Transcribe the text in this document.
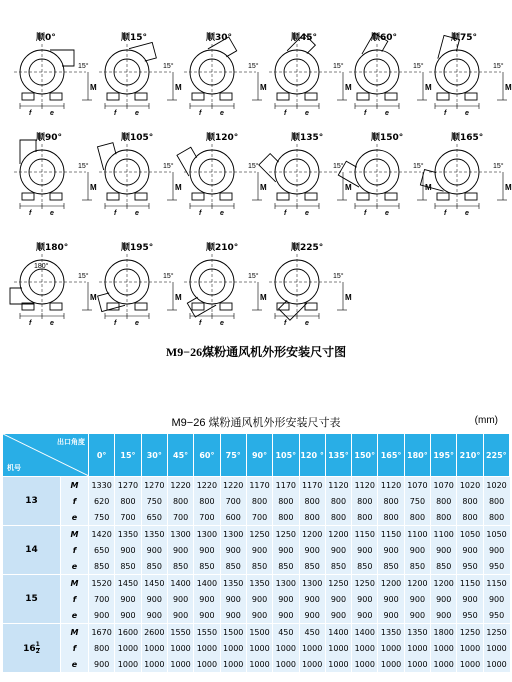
顺0°
M
15°
f	e
顺15°
M
15°
f	e
顺30°
M
15°
f	e
顺45°
M
15°
f	e
顺60°
M
15°
f	e
顺75°
M
15°
f	e
顺90°
M
15°
f	e
顺105°
M
15°
f	e
顺120°
M
15°
f	e
顺135°
M
15°
f	e
顺150°
M
15°
f	e
顺165°
M
15°
f	e
顺180°
M
15°
f	e
180°
顺195°
M
15°
f	e
顺210°
M
15°
f	e
顺225°
M
15°
f	e
M9−26煤粉通风机外形安装尺寸图
M9−26 煤粉通风机外形安装尺寸表	(mm)
出口角度
机号		0°	15°	30°	45°	60°	75°	90°	105°	120 °	135°	150°	165°	180°	195°	210°	225°
13	M	1330	1270	1270	1220	1220	1220	1170	1170	1170	1120	1120	1120	1070	1070	1020	1020
	f	620	800	750	800	800	700	800	800	800	800	800	800	750	800	800	800
	e	750	700	650	700	700	600	700	800	800	800	800	800	800	800	800	800
14	M	1420	1350	1350	1300	1300	1300	1250	1250	1200	1200	1150	1150	1100	1100	1050	1050
	f	650	900	900	900	900	900	900	900	900	900	900	900	900	900	900	900
	e	850	850	850	850	850	850	850	850	850	850	850	850	850	850	950	950
15	M	1520	1450	1450	1400	1400	1350	1350	1300	1300	1250	1250	1200	1200	1200	1150	1150
	f	700	900	900	900	900	900	900	900	900	900	900	900	900	900	900	900
	e	900	900	900	900	900	900	900	900	900	900	900	900	900	900	950	950
$16 \frac{1}{2}$	M	1670	1600	2600	1550	1550	1500	1500	450	450	1400	1400	1350	1350	1800	1250	1250
	f	800	1000	1000	1000	1000	1000	1000	1000	1000	1000	1000	1000	1000	1000	1000	1000
	e	900	1000	1000	1000	1000	1000	1000	1000	1000	1000	1000	1000	1000	1000	1000	1000
